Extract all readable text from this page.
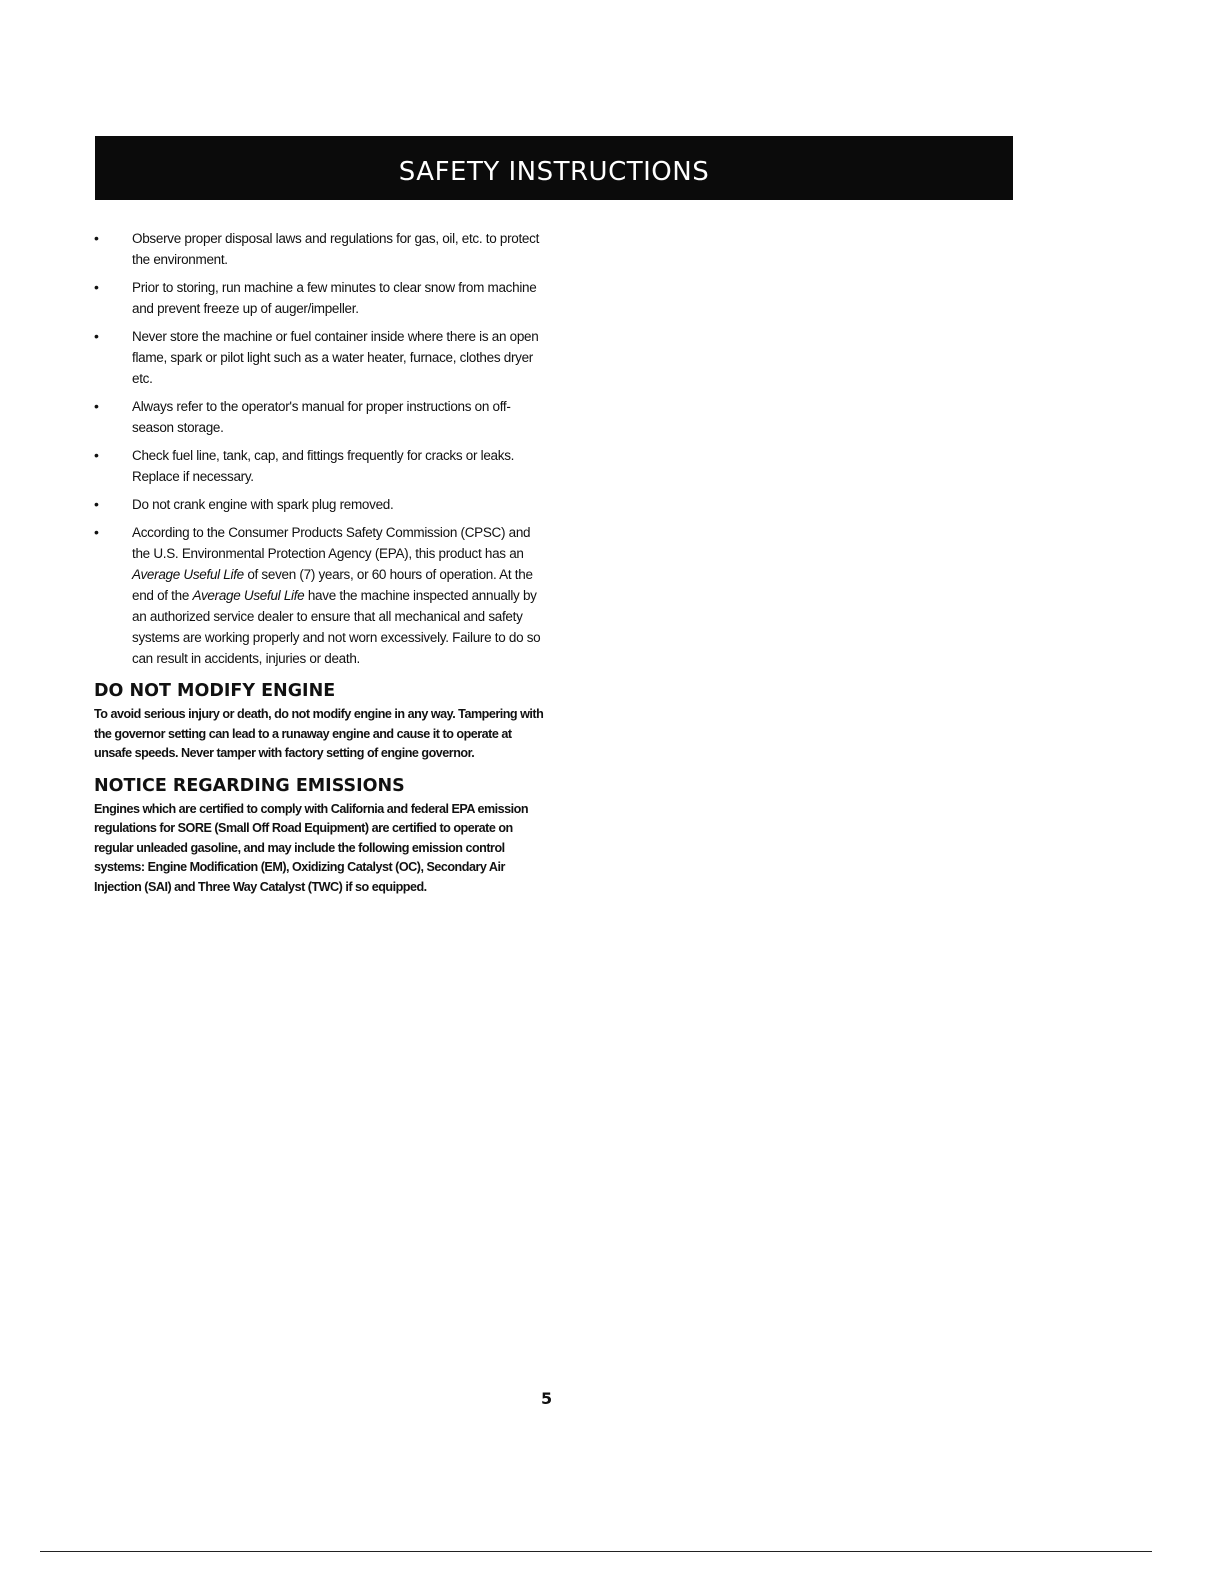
SAFETY INSTRUCTIONS
• Observe proper disposal laws and regulations for gas, oil, etc. to protect the environment.
• Prior to storing, run machine a few minutes to clear snow from machine and prevent freeze up of auger/impeller.
• Never store the machine or fuel container inside where there is an open flame, spark or pilot light such as a water heater, furnace, clothes dryer etc.
• Always refer to the operator's manual for proper instructions on off-season storage.
• Check fuel line, tank, cap, and fittings frequently for cracks or leaks. Replace if necessary.
• Do not crank engine with spark plug removed.
• According to the Consumer Products Safety Commission (CPSC) and the U.S. Environmental Protection Agency (EPA), this product has an Average Useful Life of seven (7) years, or 60 hours of operation. At the end of the Average Useful Life have the machine inspected annually by an authorized service dealer to ensure that all mechanical and safety systems are working properly and not worn excessively. Failure to do so can result in accidents, injuries or death.
DO NOT MODIFY ENGINE

To avoid serious injury or death, do not modify engine in any way. Tampering with the governor setting can lead to a runaway engine and cause it to operate at unsafe speeds. Never tamper with factory setting of engine governor.

NOTICE REGARDING EMISSIONS

Engines which are certified to comply with California and federal EPA emission regulations for SORE (Small Off Road Equipment) are certified to operate on regular unleaded gasoline, and may include the following emission control systems: Engine Modification (EM), Oxidizing Catalyst (OC), Secondary Air Injection (SAI) and Three Way Catalyst (TWC) if so equipped.

5
